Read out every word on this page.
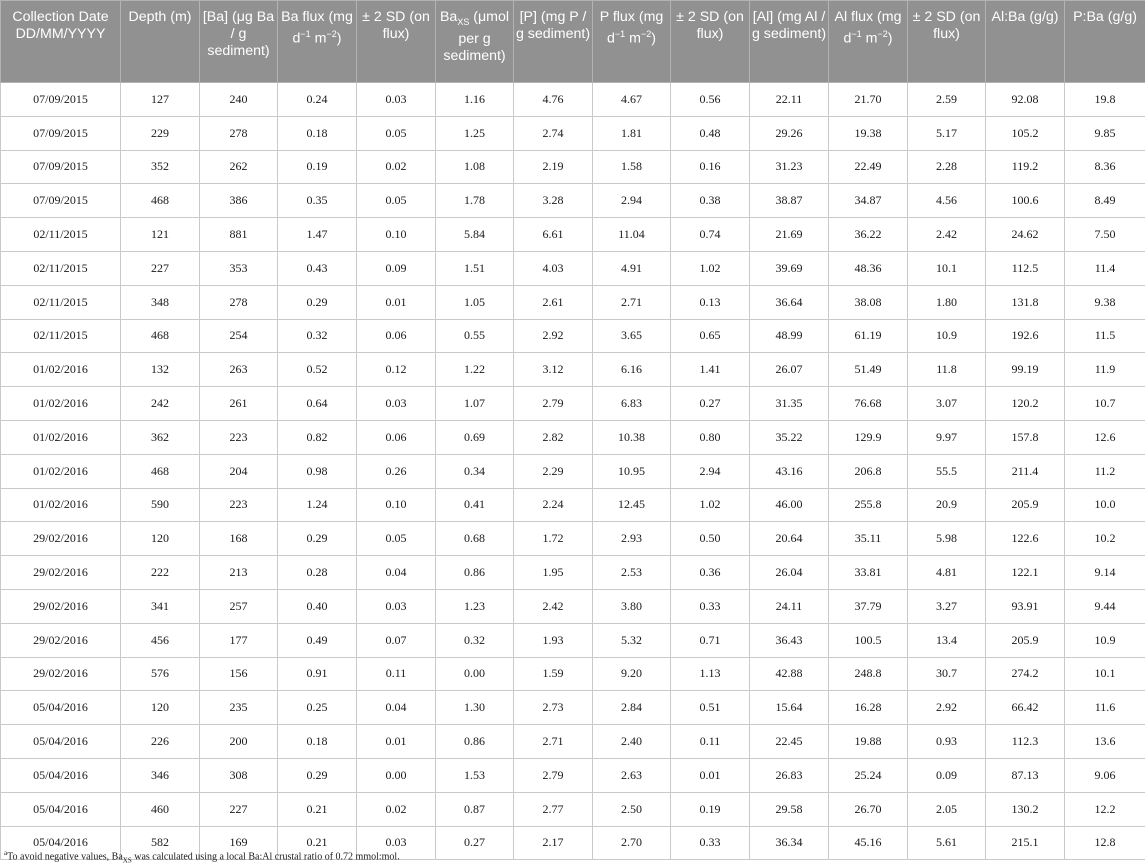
Collection Date DD/MM/YYYY	Depth (m)	[Ba] (μg Ba / g sediment)	Ba flux (mg $d^{-1}$ $m^{-2}$)	± 2 SD (on flux)	$Ba_{XS}$ (μmol per g sediment)	[P] (mg P / g sediment)	P flux (mg $d^{-1}$ $m^{-2}$)	± 2 SD (on flux)	[Al] (mg Al / g sediment)	Al flux (mg $d^{-1}$ $m^{-2}$)	± 2 SD (on flux)	Al:Ba (g/g)	P:Ba (g/g)
07/09/2015	127	240	0.24	0.03	1.16	4.76	4.67	0.56	22.11	21.70	2.59	92.08	19.8
07/09/2015	229	278	0.18	0.05	1.25	2.74	1.81	0.48	29.26	19.38	5.17	105.2	9.85
07/09/2015	352	262	0.19	0.02	1.08	2.19	1.58	0.16	31.23	22.49	2.28	119.2	8.36
07/09/2015	468	386	0.35	0.05	1.78	3.28	2.94	0.38	38.87	34.87	4.56	100.6	8.49
02/11/2015	121	881	1.47	0.10	5.84	6.61	11.04	0.74	21.69	36.22	2.42	24.62	7.50
02/11/2015	227	353	0.43	0.09	1.51	4.03	4.91	1.02	39.69	48.36	10.1	112.5	11.4
02/11/2015	348	278	0.29	0.01	1.05	2.61	2.71	0.13	36.64	38.08	1.80	131.8	9.38
02/11/2015	468	254	0.32	0.06	0.55	2.92	3.65	0.65	48.99	61.19	10.9	192.6	11.5
01/02/2016	132	263	0.52	0.12	1.22	3.12	6.16	1.41	26.07	51.49	11.8	99.19	11.9
01/02/2016	242	261	0.64	0.03	1.07	2.79	6.83	0.27	31.35	76.68	3.07	120.2	10.7
01/02/2016	362	223	0.82	0.06	0.69	2.82	10.38	0.80	35.22	129.9	9.97	157.8	12.6
01/02/2016	468	204	0.98	0.26	0.34	2.29	10.95	2.94	43.16	206.8	55.5	211.4	11.2
01/02/2016	590	223	1.24	0.10	0.41	2.24	12.45	1.02	46.00	255.8	20.9	205.9	10.0
29/02/2016	120	168	0.29	0.05	0.68	1.72	2.93	0.50	20.64	35.11	5.98	122.6	10.2
29/02/2016	222	213	0.28	0.04	0.86	1.95	2.53	0.36	26.04	33.81	4.81	122.1	9.14
29/02/2016	341	257	0.40	0.03	1.23	2.42	3.80	0.33	24.11	37.79	3.27	93.91	9.44
29/02/2016	456	177	0.49	0.07	0.32	1.93	5.32	0.71	36.43	100.5	13.4	205.9	10.9
29/02/2016	576	156	0.91	0.11	0.00	1.59	9.20	1.13	42.88	248.8	30.7	274.2	10.1
05/04/2016	120	235	0.25	0.04	1.30	2.73	2.84	0.51	15.64	16.28	2.92	66.42	11.6
05/04/2016	226	200	0.18	0.01	0.86	2.71	2.40	0.11	22.45	19.88	0.93	112.3	13.6
05/04/2016	346	308	0.29	0.00	1.53	2.79	2.63	0.01	26.83	25.24	0.09	87.13	9.06
05/04/2016	460	227	0.21	0.02	0.87	2.77	2.50	0.19	29.58	26.70	2.05	130.2	12.2
05/04/2016	582	169	0.21	0.03	0.27	2.17	2.70	0.33	36.34	45.16	5.61	215.1	12.8
$^a$To avoid negative values, $Ba_{XS}$ was calculated using a local Ba:Al crustal ratio of 0.72 mmol:mol.
